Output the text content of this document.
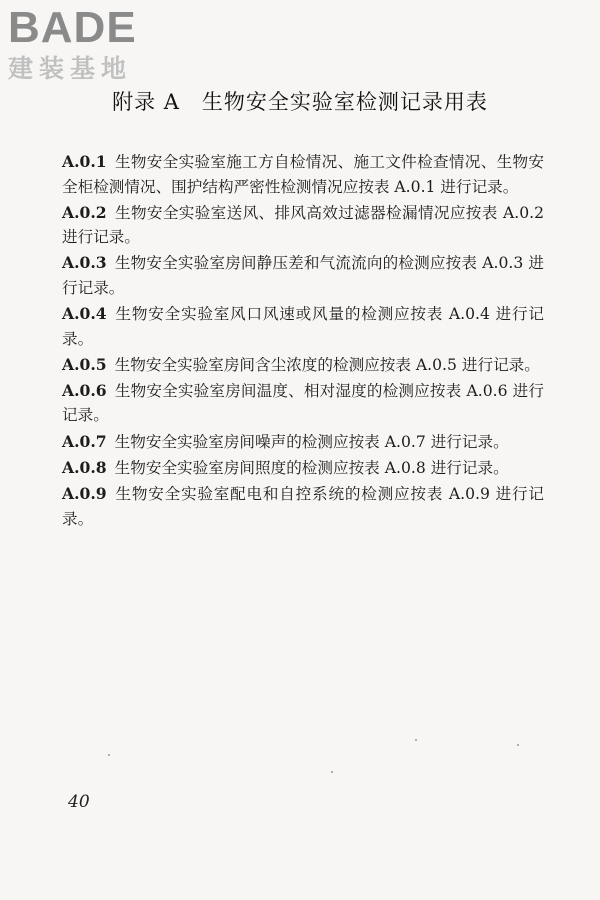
BADE
建装基地
附录 A　生物安全实验室检测记录用表

A.0.1 生物安全实验室施工方自检情况、施工文件检查情况、生物安全柜检测情况、围护结构严密性检测情况应按表 A.0.1 进行记录。

A.0.2 生物安全实验室送风、排风高效过滤器检漏情况应按表 A.0.2 进行记录。

A.0.3 生物安全实验室房间静压差和气流流向的检测应按表 A.0.3 进行记录。

A.0.4 生物安全实验室风口风速或风量的检测应按表 A.0.4 进行记录。

A.0.5 生物安全实验室房间含尘浓度的检测应按表 A.0.5 进行记录。

A.0.6 生物安全实验室房间温度、相对湿度的检测应按表 A.0.6 进行记录。

A.0.7 生物安全实验室房间噪声的检测应按表 A.0.7 进行记录。

A.0.8 生物安全实验室房间照度的检测应按表 A.0.8 进行记录。

A.0.9 生物安全实验室配电和自控系统的检测应按表 A.0.9 进行记录。

40
